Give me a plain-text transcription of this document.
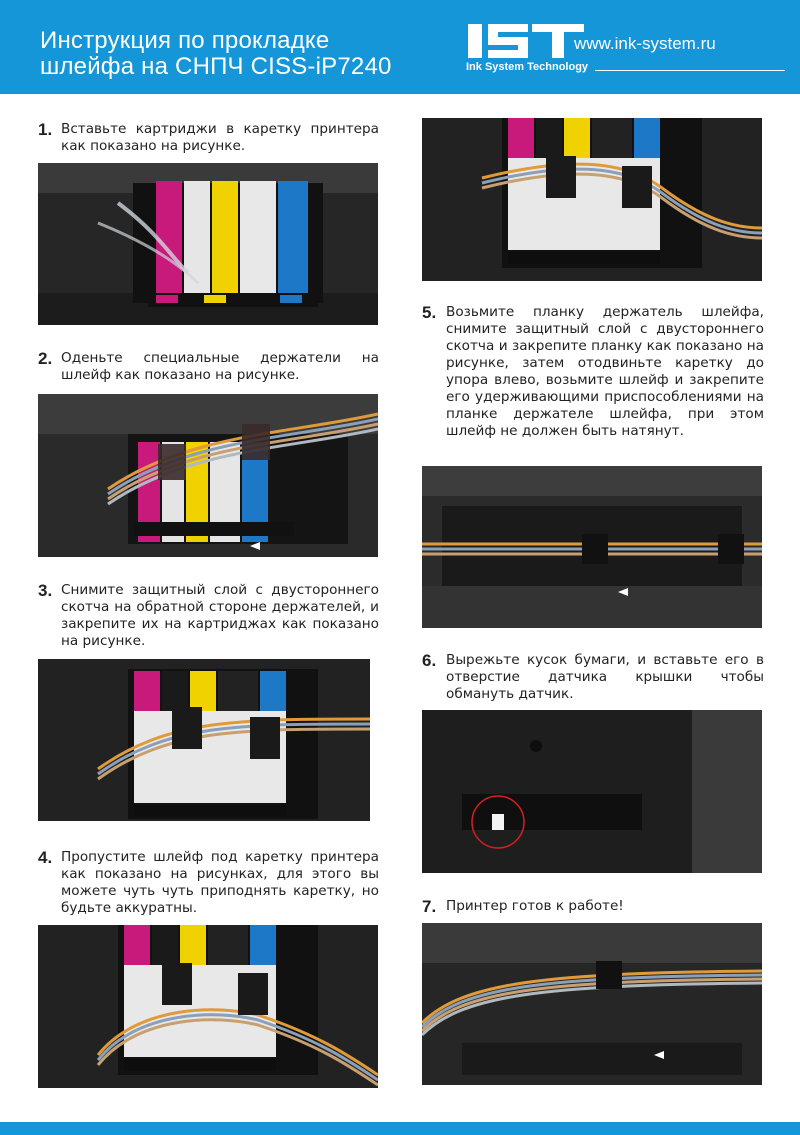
Инструкция по прокладке
шлейфа на СНПЧ CISS-iP7240	Ink System Technology
www.ink-system.ru
1. Вставьте картриджи в каретку принтера как показано на рисунке.
2. Оденьте специальные держатели на шлейф как показано на рисунке.
3. Снимите защитный слой с двустороннего скотча на обратной стороне держателей, и закрепите их на картриджах как показано на рисунке.
4. Пропустите шлейф под каретку принтера как показано на рисунках, для этого вы можете чуть чуть приподнять каретку, но будьте аккуратны.
5. Возьмите планку держатель шлейфа, снимите защитный слой с двустороннего скотча и закрепите планку как показано на рисунке, затем отодвиньте каретку до упора влево, возьмите шлейф и закрепите его удерживающими приспособлениями на планке держателе шлейфа, при этом шлейф не должен быть натянут.
6. Вырежьте кусок бумаги, и вставьте его в отверстие датчика крышки чтобы обмануть датчик.
7. Принтер готов к работе!
